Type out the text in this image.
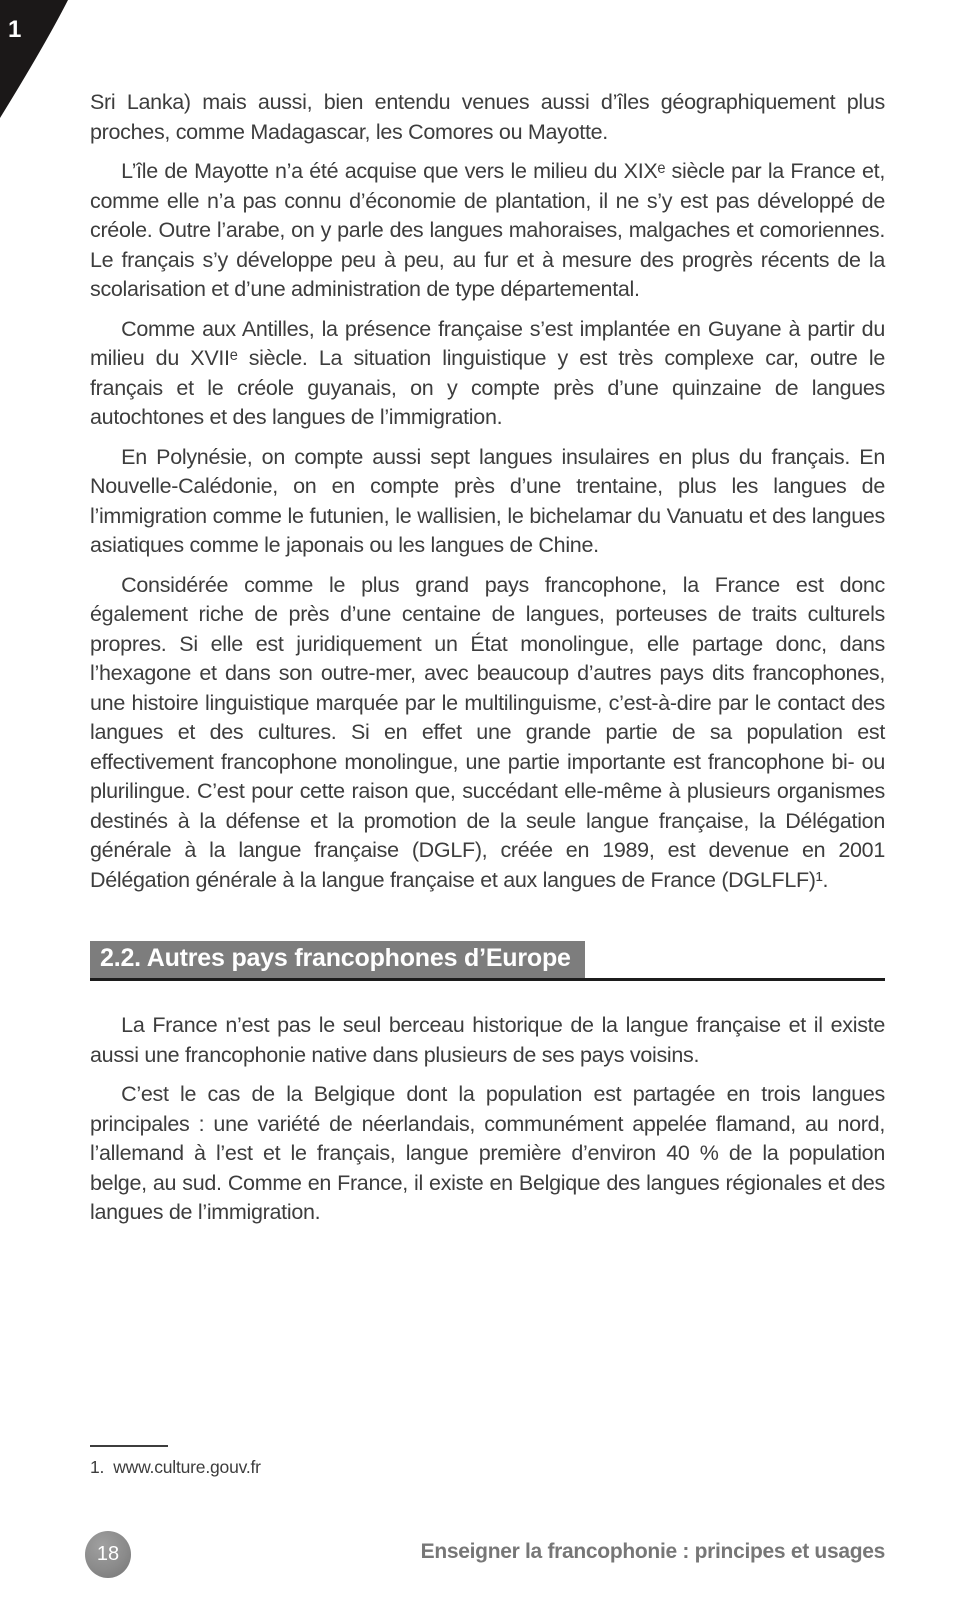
1

Sri Lanka) mais aussi, bien entendu venues aussi d’îles géographiquement plus proches, comme Madagascar, les Comores ou Mayotte.

L’île de Mayotte n’a été acquise que vers le milieu du XIXᵉ siècle par la France et, comme elle n’a pas connu d’économie de plantation, il ne s’y est pas développé de créole. Outre l’arabe, on y parle des langues mahoraises, malgaches et comoriennes. Le français s’y développe peu à peu, au fur et à mesure des progrès récents de la scolarisation et d’une administration de type départemental.

Comme aux Antilles, la présence française s’est implantée en Guyane à partir du milieu du XVIIᵉ siècle. La situation linguistique y est très complexe car, outre le français et le créole guyanais, on y compte près d’une quinzaine de langues autochtones et des langues de l’immigration.

En Polynésie, on compte aussi sept langues insulaires en plus du français. En Nouvelle-Calédonie, on en compte près d’une trentaine, plus les langues de l’immigration comme le futunien, le wallisien, le bichelamar du Vanuatu et des langues asiatiques comme le japonais ou les langues de Chine.

Considérée comme le plus grand pays francophone, la France est donc également riche de près d’une centaine de langues, porteuses de traits culturels propres. Si elle est juridiquement un État monolingue, elle partage donc, dans l’hexagone et dans son outre-mer, avec beaucoup d’autres pays dits francophones, une histoire linguistique marquée par le multilinguisme, c’est-à-dire par le contact des langues et des cultures. Si en effet une grande partie de sa population est effectivement francophone monolingue, une partie importante est francophone bi- ou plurilingue. C’est pour cette raison que, succédant elle-même à plusieurs organismes destinés à la défense et la promotion de la seule langue française, la Délégation générale à la langue française (DGLF), créée en 1989, est devenue en 2001 Délégation générale à la langue française et aux langues de France (DGLFLF)¹.

2.2. Autres pays francophones d’Europe

La France n’est pas le seul berceau historique de la langue française et il existe aussi une francophonie native dans plusieurs de ses pays voisins.

C’est le cas de la Belgique dont la population est partagée en trois langues principales : une variété de néerlandais, communément appelée flamand, au nord, l’allemand à l’est et le français, langue première d’environ 40 % de la population belge, au sud. Comme en France, il existe en Belgique des langues régionales et des langues de l’immigration.

1. www.culture.gouv.fr
18	Enseigner la francophonie : principes et usages
